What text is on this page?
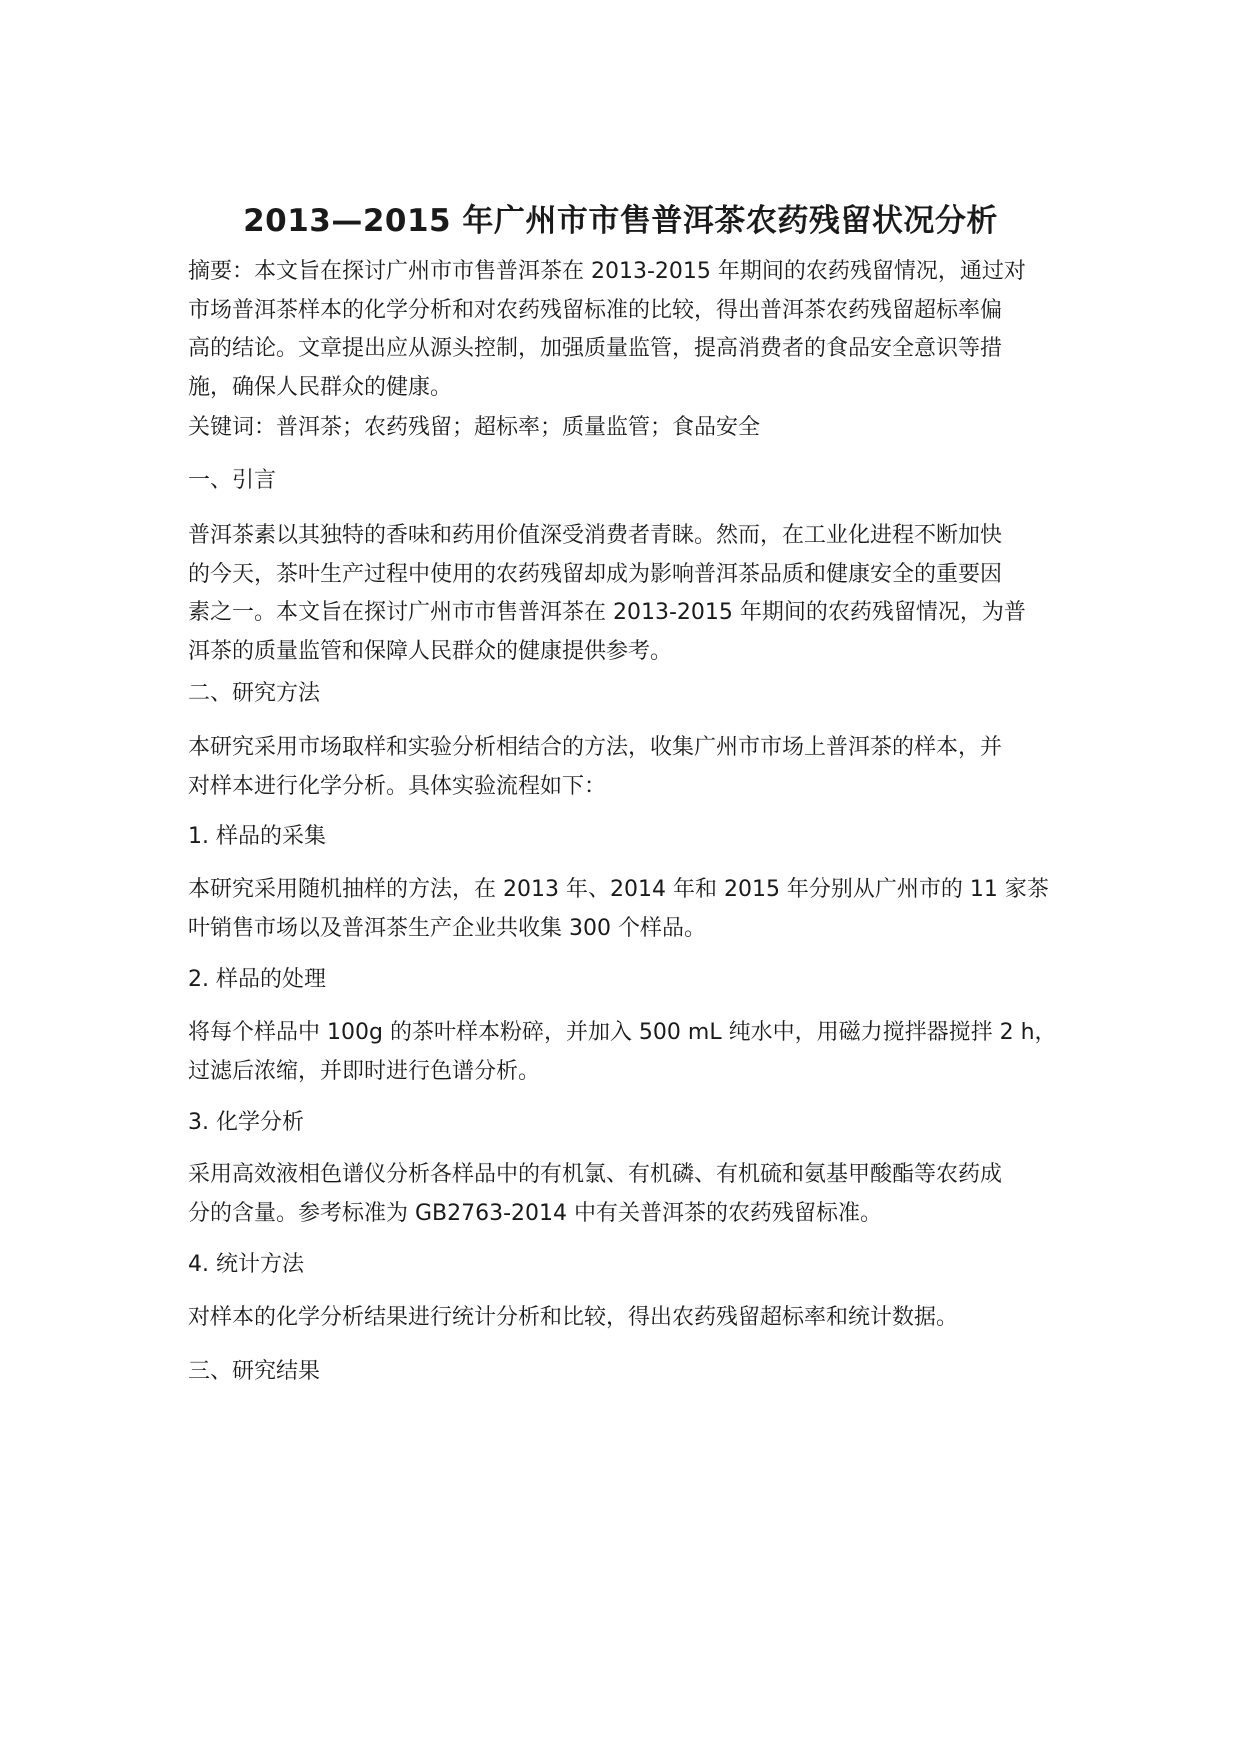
2013—2015 年广州市市售普洱茶农药残留状况分析
摘要：本文旨在探讨广州市市售普洱茶在 2013-2015 年期间的农药残留情况，通过对
市场普洱茶样本的化学分析和对农药残留标准的比较，得出普洱茶农药残留超标率偏
高的结论。文章提出应从源头控制，加强质量监管，提高消费者的食品安全意识等措
施，确保人民群众的健康。
关键词：普洱茶；农药残留；超标率；质量监管；食品安全
一、引言
普洱茶素以其独特的香味和药用价值深受消费者青睐。然而，在工业化进程不断加快
的今天，茶叶生产过程中使用的农药残留却成为影响普洱茶品质和健康安全的重要因
素之一。本文旨在探讨广州市市售普洱茶在 2013-2015 年期间的农药残留情况，为普
洱茶的质量监管和保障人民群众的健康提供参考。
二、研究方法
本研究采用市场取样和实验分析相结合的方法，收集广州市市场上普洱茶的样本，并
对样本进行化学分析。具体实验流程如下：
1. 样品的采集
本研究采用随机抽样的方法，在 2013 年、2014 年和 2015 年分别从广州市的 11 家茶
叶销售市场以及普洱茶生产企业共收集 300 个样品。
2. 样品的处理
将每个样品中 100g 的茶叶样本粉碎，并加入 500 mL 纯水中，用磁力搅拌器搅拌 2 h，
过滤后浓缩，并即时进行色谱分析。
3. 化学分析
采用高效液相色谱仪分析各样品中的有机氯、有机磷、有机硫和氨基甲酸酯等农药成
分的含量。参考标准为 GB2763-2014 中有关普洱茶的农药残留标准。
4. 统计方法
对样本的化学分析结果进行统计分析和比较，得出农药残留超标率和统计数据。
三、研究结果
